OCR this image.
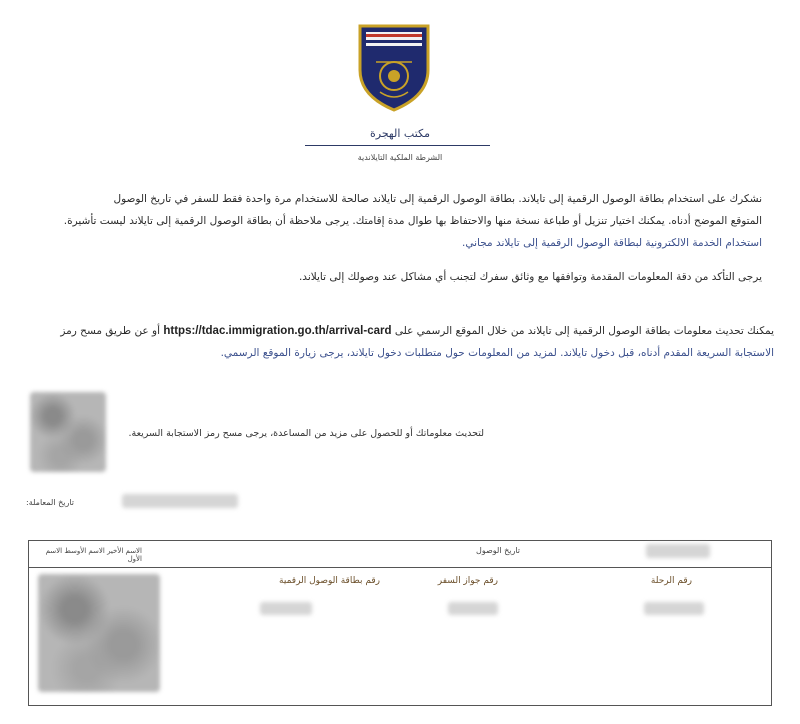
مكتب الهجرة
الشرطة الملكية التايلاندية
نشكرك على استخدام بطاقة الوصول الرقمية إلى تايلاند. بطاقة الوصول الرقمية إلى تايلاند صالحة للاستخدام مرة واحدة فقط للسفر في تاريخ الوصول
المتوقع الموضح أدناه. يمكنك اختيار تنزيل أو طباعة نسخة منها والاحتفاظ بها طوال مدة إقامتك. يرجى ملاحظة أن بطاقة الوصول الرقمية إلى تايلاند ليست تأشيرة.
استخدام الخدمة الالكترونية لبطاقة الوصول الرقمية إلى تايلاند مجاني.
يرجى التأكد من دقة المعلومات المقدمة وتوافقها مع وثائق سفرك لتجنب أي مشاكل عند وصولك إلى تايلاند.
يمكنك تحديث معلومات بطاقة الوصول الرقمية إلى تايلاند من خلال الموقع الرسمي على https://tdac.immigration.go.th/arrival-card أو عن طريق مسح رمز
الاستجابة السريعة المقدم أدناه، قبل دخول تايلاند. لمزيد من المعلومات حول متطلبات دخول تايلاند، يرجى زيارة الموقع الرسمي.
لتحديث معلوماتك أو للحصول على مزيد من المساعدة، يرجى مسح رمز الاستجابة السريعة.
تاريخ المعاملة:
الاسم الأخير الاسم الأوسط الاسم الأول
تاريخ الوصول
رقم بطاقة الوصول الرقمية	رقم جواز السفر	رقم الرحلة
